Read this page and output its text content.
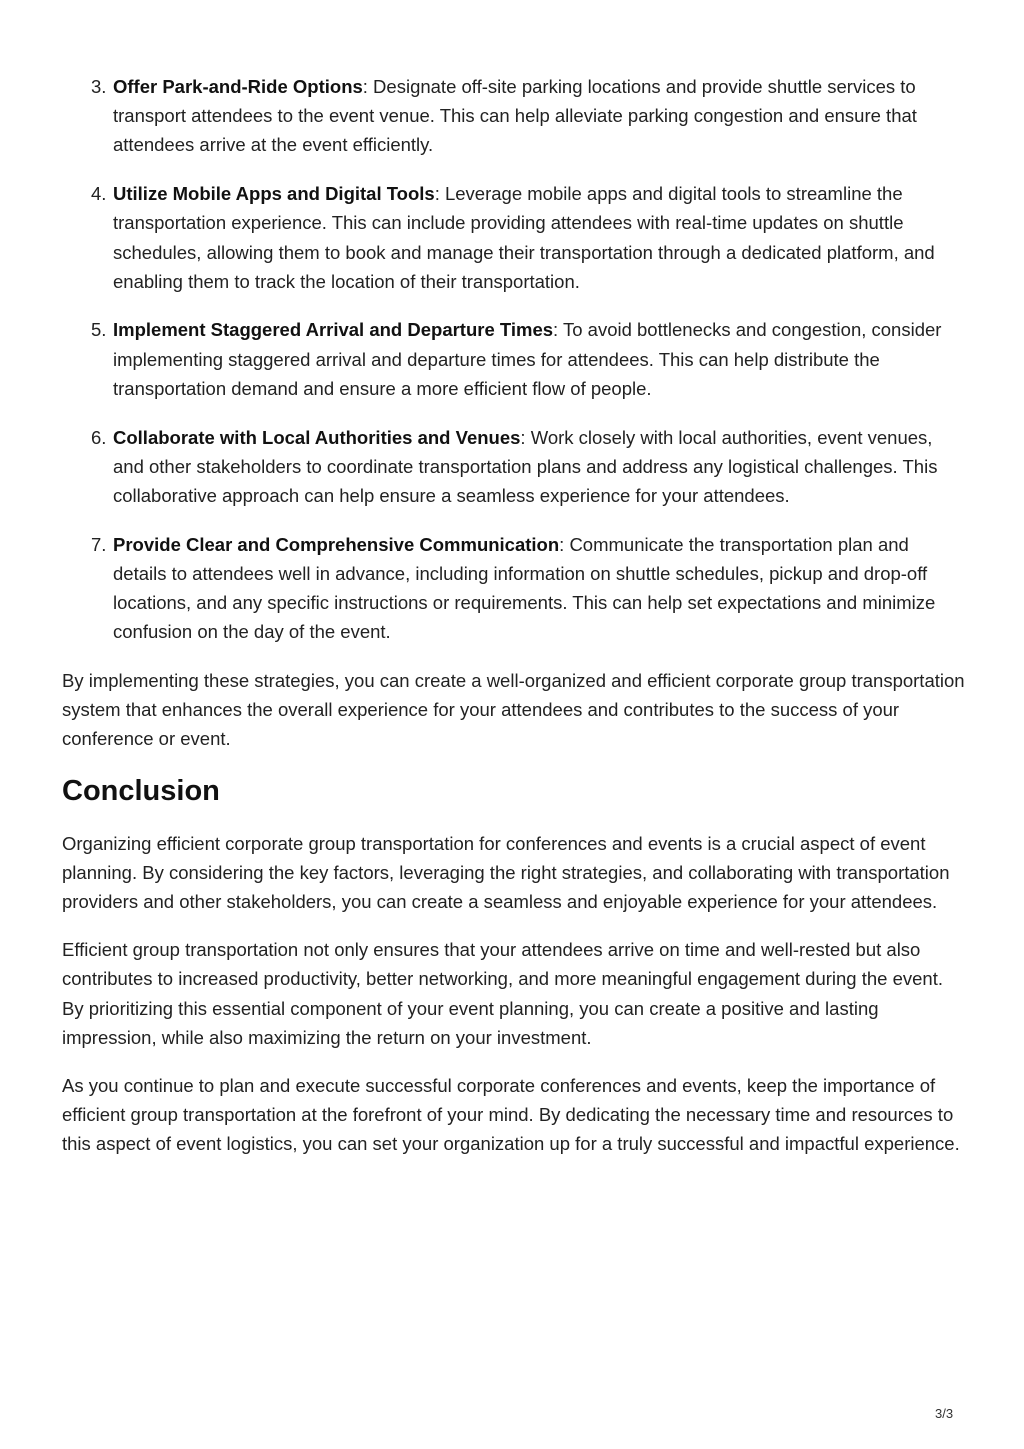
3. Offer Park-and-Ride Options: Designate off-site parking locations and provide shuttle services to transport attendees to the event venue. This can help alleviate parking congestion and ensure that attendees arrive at the event efficiently.
4. Utilize Mobile Apps and Digital Tools: Leverage mobile apps and digital tools to streamline the transportation experience. This can include providing attendees with real-time updates on shuttle schedules, allowing them to book and manage their transportation through a dedicated platform, and enabling them to track the location of their transportation.
5. Implement Staggered Arrival and Departure Times: To avoid bottlenecks and congestion, consider implementing staggered arrival and departure times for attendees. This can help distribute the transportation demand and ensure a more efficient flow of people.
6. Collaborate with Local Authorities and Venues: Work closely with local authorities, event venues, and other stakeholders to coordinate transportation plans and address any logistical challenges. This collaborative approach can help ensure a seamless experience for your attendees.
7. Provide Clear and Comprehensive Communication: Communicate the transportation plan and details to attendees well in advance, including information on shuttle schedules, pickup and drop-off locations, and any specific instructions or requirements. This can help set expectations and minimize confusion on the day of the event.

By implementing these strategies, you can create a well-organized and efficient corporate group transportation system that enhances the overall experience for your attendees and contributes to the success of your conference or event.

Conclusion

Organizing efficient corporate group transportation for conferences and events is a crucial aspect of event planning. By considering the key factors, leveraging the right strategies, and collaborating with transportation providers and other stakeholders, you can create a seamless and enjoyable experience for your attendees.

Efficient group transportation not only ensures that your attendees arrive on time and well-rested but also contributes to increased productivity, better networking, and more meaningful engagement during the event. By prioritizing this essential component of your event planning, you can create a positive and lasting impression, while also maximizing the return on your investment.

As you continue to plan and execute successful corporate conferences and events, keep the importance of efficient group transportation at the forefront of your mind. By dedicating the necessary time and resources to this aspect of event logistics, you can set your organization up for a truly successful and impactful experience.

3/3
